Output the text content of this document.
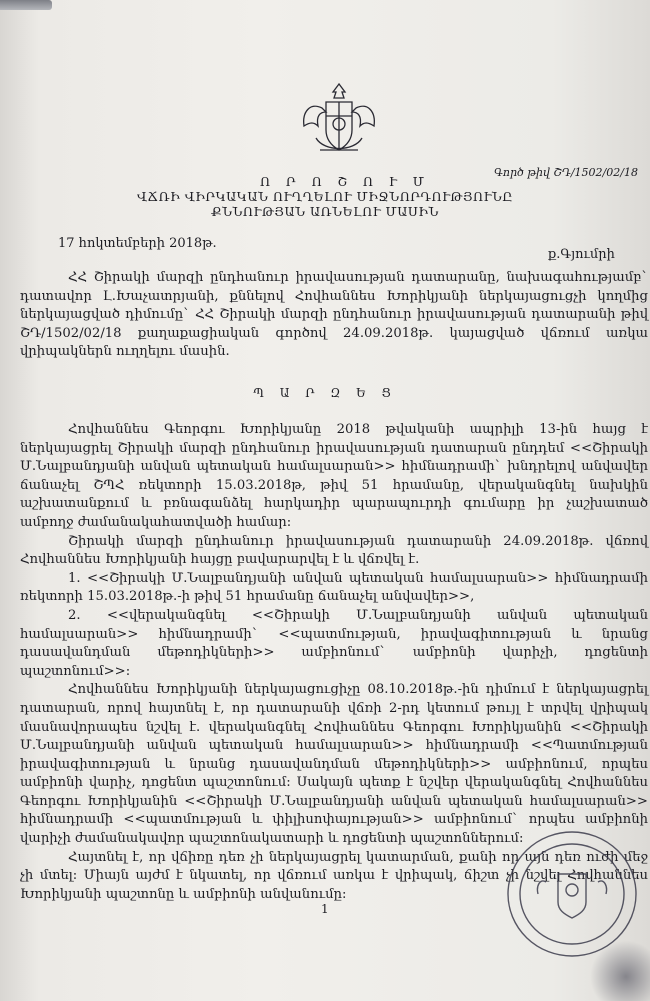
Գործ թիվ ՇԴ/1502/02/18
Ո Ր Ո Շ Ո Ւ Մ
ՎՃՌԻ ՎԻՐԿԱԿԱՆ ՈՒՂՂԵԼՈՒ ՄԻՋՆՈՐԴՈՒԹՅՈՒՆԸ
ՔՆՆՈՒԹՅԱՆ ԱՌՆԵԼՈՒ ՄԱՍԻՆ
17 հոկտեմբերի 2018թ.
ք.Գյումրի
ՀՀ Շիրակի մարզի ընդհանուր իրավասության դատարանը, նախագահությամբ` դատավոր Լ.Խաչատրյանի, քննելով Հովհաննես Խորիկյանի ներկայացուցչի կողմից ներկայացված դիմումը` ՀՀ Շիրակի մարզի ընդհանուր իրավասության դատարանի թիվ ՇԴ/1502/02/18 քաղաքացիական գործով 24.09.2018թ. կայացված վճռում առկա վրիպակներն ուղղելու մասին.
Պ Ա Ր Զ Ե Ց

Հովհաննես Գեորգու Խորիկյանը 2018 թվականի ապրիլի 13-ին հայց է ներկայացրել Շիրակի մարզի ընդհանուր իրավասության դատարան ընդդեմ <<Շիրակի Մ.Նալբանդյանի անվան պետական համալսարան>> հիմնադրամի` խնդրելով անվավեր ճանաչել ՇՊՀ ռեկտորի 15.03.2018թ, թիվ 51 հրամանը, վերականգնել նախկին աշխատանքում և բռնագանձել հարկադիր պարապուրդի գումարը իր չաշխատած ամբողջ ժամանակահատվածի համար:

Շիրակի մարզի ընդհանուր իրավասության դատարանի 24.09.2018թ. վճռով Հովհաննես Խորիկյանի հայցը բավարարվել է և վճռվել է.

1. <<Շիրակի Մ.Նալբանդյանի անվան պետական համալսարան>> հիմնադրամի ռեկտորի 15.03.2018թ.-ի թիվ 51 հրամանը ճանաչել անվավեր>>,

2. <<վերականգնել <<Շիրակի Մ.Նալբանդյանի անվան պետական համալսարան>> հիմնադրամի` <<պատմության, իրավագիտության և նրանց դասավանդման մեթոդիկների>> ամբիոնում` ամբիոնի վարիչի, դոցենտի պաշտոնում>>:

Հովհաննես Խորիկյանի ներկայացուցիչը 08.10.2018թ.-ին դիմում է ներկայացրել դատարան, որով հայտնել է, որ դատարանի վճռի 2-րդ կետում թույլ է տրվել վրիպակ մասնավորապես նշվել է. վերականգնել Հովհաննես Գեորգու Խորիկյանին <<Շիրակի Մ.Նալբանդյանի անվան պետական համալսարան>> հիմնադրամի <<Պատմության իրավագիտության և նրանց դասավանդման մեթոդիկների>> ամբիոնում, որպես ամբիոնի վարիչ, դոցենտ պաշտոնում: Սակայն պետք է նշվեր վերականգնել Հովհաննես Գեորգու Խորիկյանին <<Շիրակի Մ.Նալբանդյանի անվան պետական համալսարան>> հիմնադրամի <<պատմության և փիլիսոփայության>> ամբիոնում` որպես ամբիոնի վարիչի ժամանակավոր պաշտոնակատարի և դոցենտի պաշտոններում:

Հայտնել է, որ վճիռը դեռ չի ներկայացրել կատարման, քանի որ այն դեռ ուժի մեջ չի մտել: Միայն այժմ է նկատել, որ վճռում առկա է վրիպակ, ճիշտ չի նշվել Հովհաննես Խորիկյանի պաշտոնը և ամբիոնի անվանումը:

1
